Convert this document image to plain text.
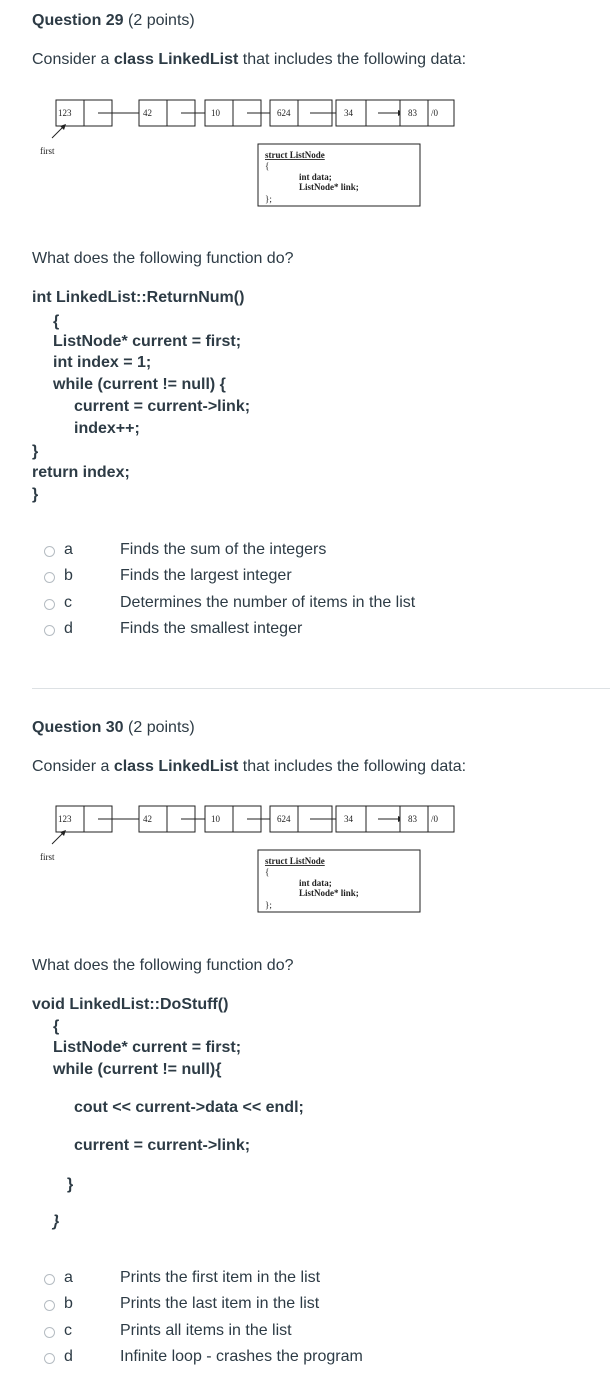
Question 29 (2 points)
Consider a class LinkedList that includes the following data:
123	42	10	624	34	83 /0
first	struct ListNode
{
int data;
ListNode* link;
};
What does the following function do?
int LinkedList::ReturnNum()
{
ListNode* current = first;
int index = 1;
while (current != null) {
current = current->link;
index++;
}
return index;
}
a	Finds the sum of the integers
b	Finds the largest integer
c	Determines the number of items in the list
d	Finds the smallest integer
Question 30 (2 points)
Consider a class LinkedList that includes the following data:
123	42	10	624	34	83 /0
first	struct ListNode
{
int data;
ListNode* link;
};
What does the following function do?
void LinkedList::DoStuff()
{
ListNode* current = first;
while (current != null){
cout << current->data << endl;
current = current->link;
}
}
a	Prints the first item in the list
b	Prints the last item in the list
c	Prints all items in the list
d	Infinite loop - crashes the program
